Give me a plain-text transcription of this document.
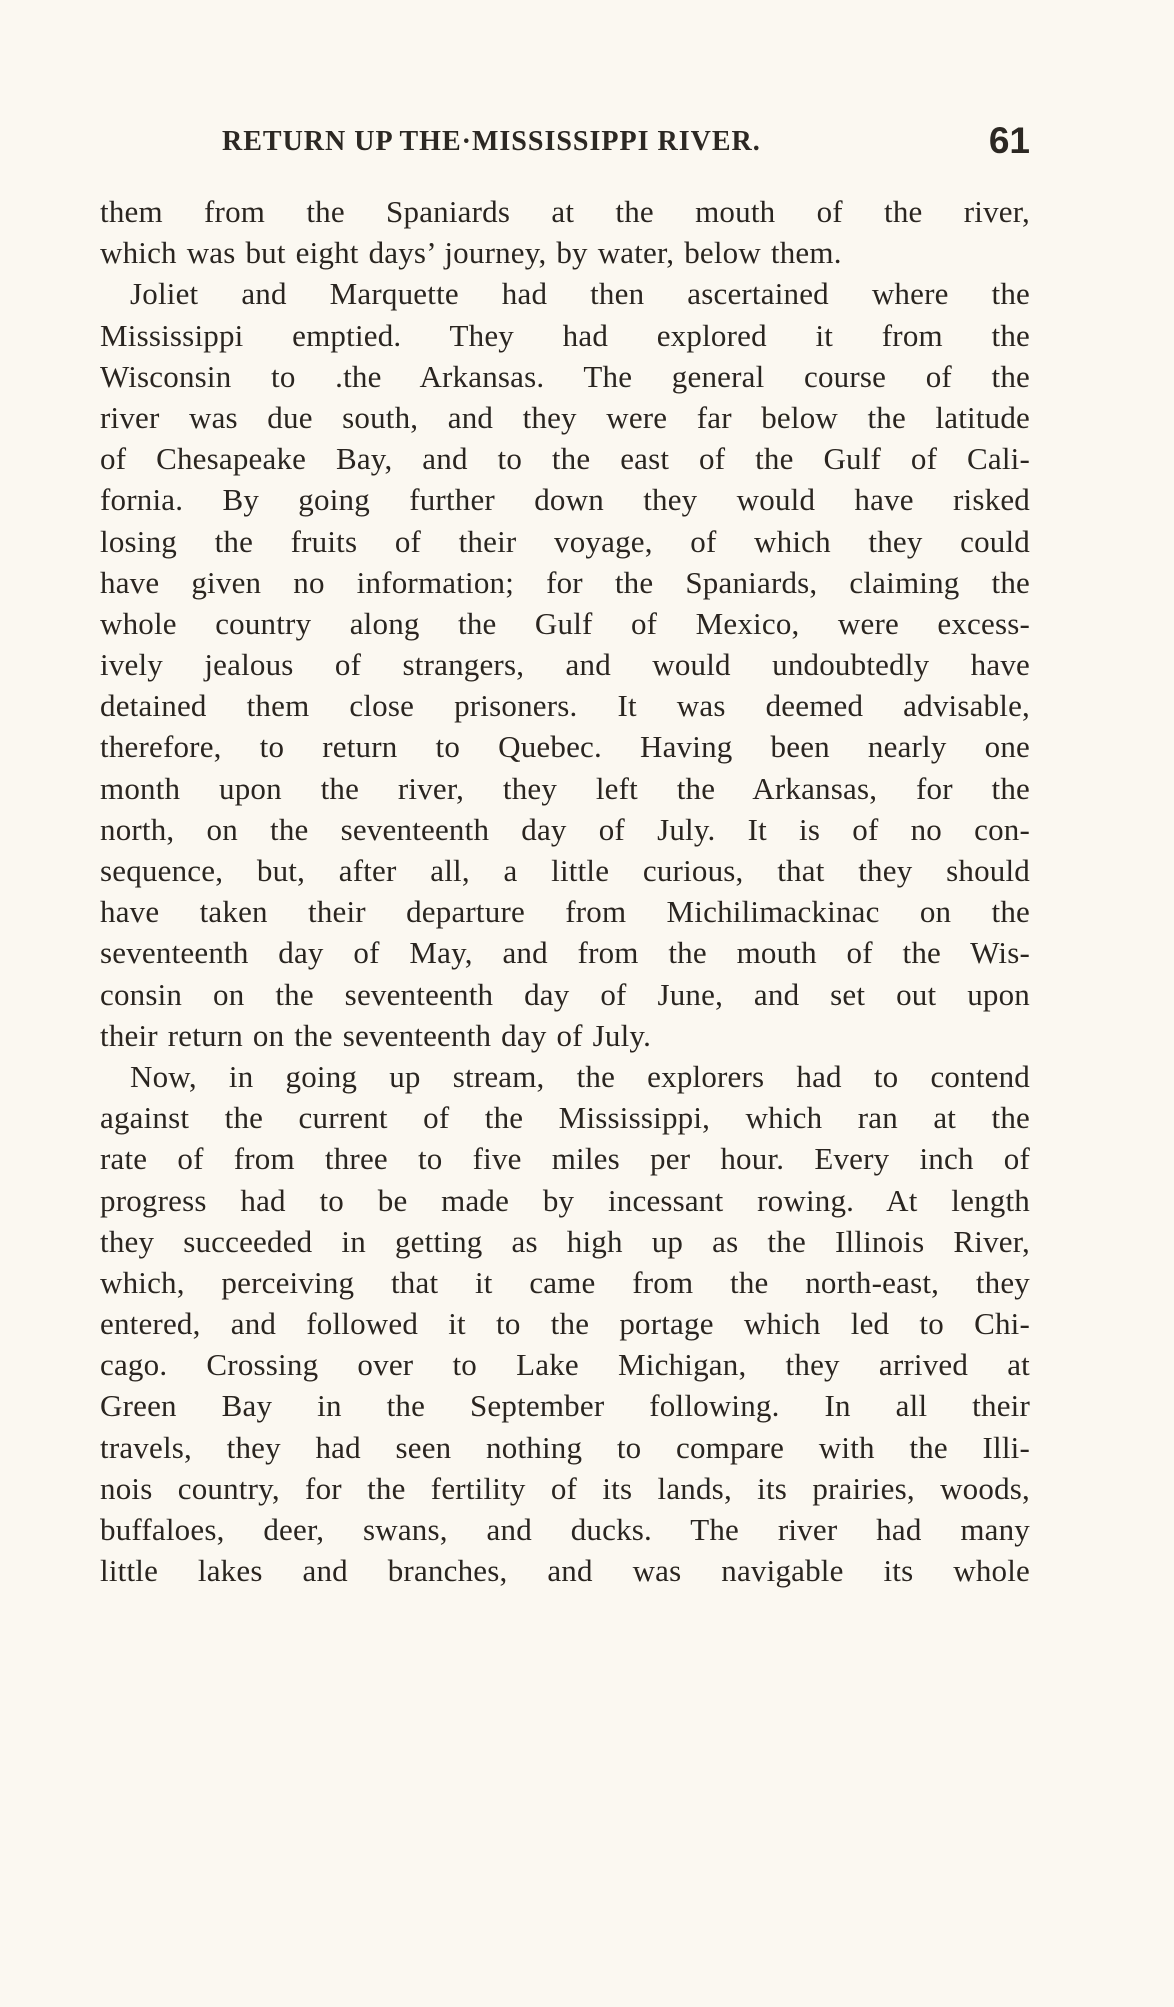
RETURN UP THE·MISSISSIPPI RIVER.	61
them from the Spaniards at the mouth of the river,
which was but eight days’ journey, by water, below them.
Joliet and Marquette had then ascertained where the
Mississippi emptied. They had explored it from the
Wisconsin to .the Arkansas. The general course of the
river was due south, and they were far below the latitude
of Chesapeake Bay, and to the east of the Gulf of Cali-
fornia. By going further down they would have risked
losing the fruits of their voyage, of which they could
have given no information; for the Spaniards, claiming the
whole country along the Gulf of Mexico, were excess-
ively jealous of strangers, and would undoubtedly have
detained them close prisoners. It was deemed advisable,
therefore, to return to Quebec. Having been nearly one
month upon the river, they left the Arkansas, for the
north, on the seventeenth day of July. It is of no con-
sequence, but, after all, a little curious, that they should
have taken their departure from Michilimackinac on the
seventeenth day of May, and from the mouth of the Wis-
consin on the seventeenth day of June, and set out upon
their return on the seventeenth day of July.
Now, in going up stream, the explorers had to contend
against the current of the Mississippi, which ran at the
rate of from three to five miles per hour. Every inch of
progress had to be made by incessant rowing. At length
they succeeded in getting as high up as the Illinois River,
which, perceiving that it came from the north-east, they
entered, and followed it to the portage which led to Chi-
cago. Crossing over to Lake Michigan, they arrived at
Green Bay in the September following. In all their
travels, they had seen nothing to compare with the Illi-
nois country, for the fertility of its lands, its prairies, woods,
buffaloes, deer, swans, and ducks. The river had many
little lakes and branches, and was navigable its whole
